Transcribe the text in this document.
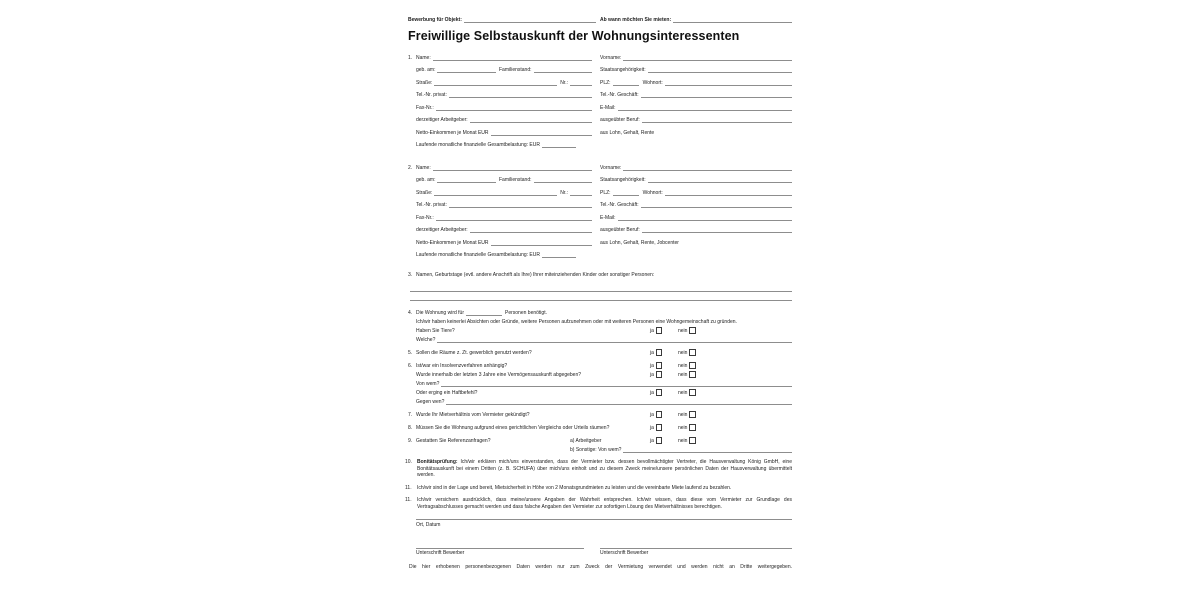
Bewerbung für Objekt:	Ab wann möchten Sie mieten:
Freiwillige Selbstauskunft der Wohnungsinteressenten
1. Name:	Vorname:
geb. am:	Familienstand:	Staatsangehörigkeit:
Straße:	Nr.:	PLZ:	Wohnort:
Tel.-Nr. privat:	Tel.-Nr. Geschäft:
Fax-Nr.:	E-Mail:
derzeitiger Arbeitgeber:	ausgeübter Beruf:
Netto-Einkommen je Monat EUR	aus Lohn, Gehalt, Rente
Laufende monatliche finanzielle Gesamtbelastung: EUR
2. Name:	Vorname:
geb. am:	Familienstand:	Staatsangehörigkeit:
Straße:	Nr.:	PLZ:	Wohnort:
Tel.-Nr. privat:	Tel.-Nr. Geschäft:
Fax-Nr.:	E-Mail:
derzeitiger Arbeitgeber:	ausgeübter Beruf:
Netto-Einkommen je Monat EUR	aus Lohn, Gehalt, Rente, Jobcenter
Laufende monatliche finanzielle Gesamtbelastung: EUR
3. Namen, Geburtstage (evtl. andere Anschrift als Ihre) Ihrer miteinziehenden Kinder oder sonstiger Personen:
4. Die Wohnung wird für	Personen benötigt.
Ich/wir haben keinerlei Absichten oder Gründe, weitere Personen aufzunehmen oder mit weiteren Personen eine Wohngemeinschaft zu gründen.
Haben Sie Tiere?	ja	nein
Welche?
5. Sollen die Räume z. Zt. gewerblich genutzt werden?	ja	nein
6. Ist/war ein Insolvenzverfahren anhängig?	ja	nein
Wurde innerhalb der letzten 3 Jahre eine Vermögensauskunft abgegeben?	ja	nein
Von wem?
Oder erging ein Haftbefehl?	ja	nein
Gegen wen?
7. Wurde Ihr Mietverhältnis vom Vermieter gekündigt?	ja	nein
8. Müssen Sie die Wohnung aufgrund eines gerichtlichen Vergleichs oder Urteils räumen?	ja	nein
9. Gestatten Sie Referenzanfragen?	a) Arbeitgeber	ja	nein
b) Sonstige: Von wem?
10. Bonitätsprüfung: Ich/wir erklären mich/uns einverstanden, dass der Vermieter bzw. dessen bevollmächtigter Vertreter, die Hausverwaltung König GmbH, eine Bonitätsauskunft bei einem Dritten (z. B. SCHUFA) über mich/uns einholt und zu diesem Zweck meine/unsere persönlichen Daten der Hausverwaltung übermittelt werden.
11. Ich/wir sind in der Lage und bereit, Mietsicherheit in Höhe von 2 Monatsgrundmieten zu leisten und die vereinbarte Miete laufend zu bezahlen.
11. Ich/wir versichern ausdrücklich, dass meine/unsere Angaben der Wahrheit entsprechen. Ich/wir wissen, dass diese vom Vermieter zur Grundlage des Vertragsabschlusses gemacht werden und dass falsche Angaben den Vermieter zur sofortigen Lösung des Mietverhältnisses berechtigen.
Ort, Datum
Unterschrift Bewerber	Unterschrift Bewerber
Die hier erhobenen personenbezogenen Daten werden nur zum Zweck der Vermietung verwendet und werden nicht an Dritte weitergegeben.
